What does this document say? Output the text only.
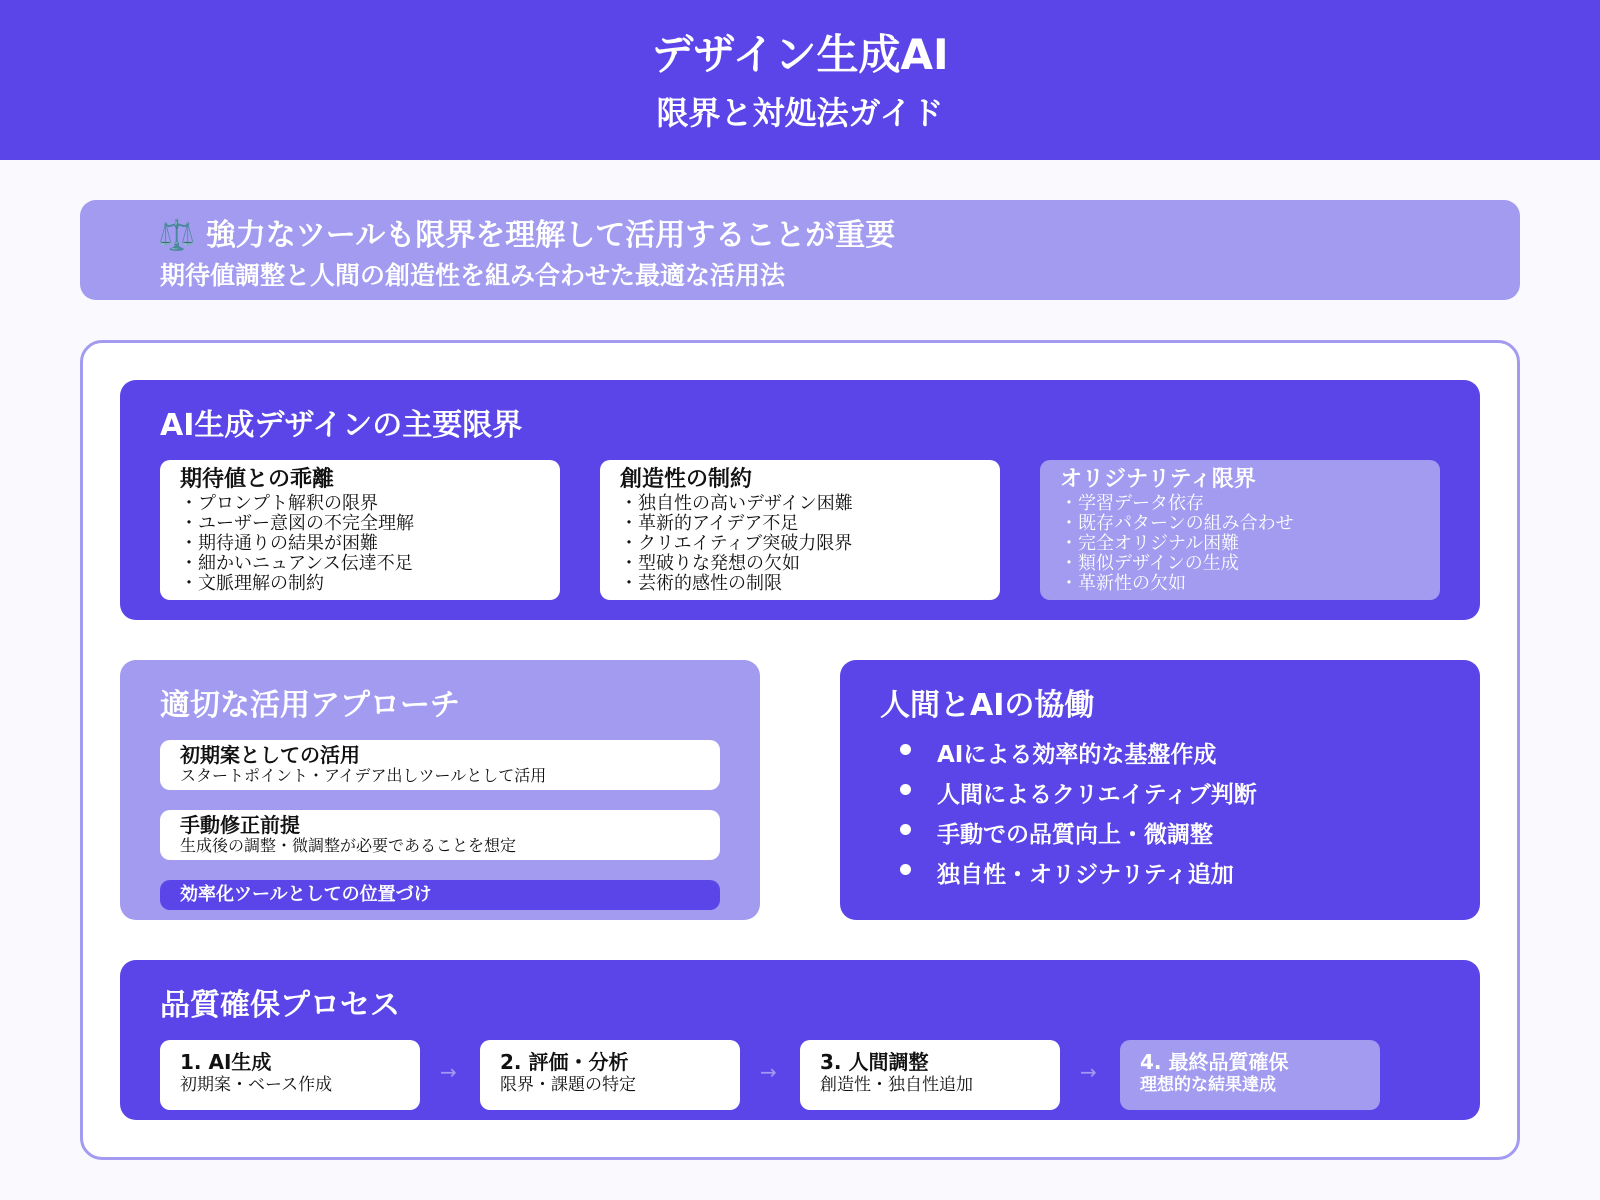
デザイン生成AI
限界と対処法ガイド
⚖️ 強力なツールも限界を理解して活用することが重要
期待値調整と人間の創造性を組み合わせた最適な活用法
AI生成デザインの主要限界
期待値との乖離
・プロンプト解釈の限界
・ユーザー意図の不完全理解
・期待通りの結果が困難
・細かいニュアンス伝達不足
・文脈理解の制約
創造性の制約
・独自性の高いデザイン困難
・革新的アイデア不足
・クリエイティブ突破力限界
・型破りな発想の欠如
・芸術的感性の制限
オリジナリティ限界
・学習データ依存
・既存パターンの組み合わせ
・完全オリジナル困難
・類似デザインの生成
・革新性の欠如
適切な活用アプローチ
初期案としての活用
スタートポイント・アイデア出しツールとして活用
手動修正前提
生成後の調整・微調整が必要であることを想定
効率化ツールとしての位置づけ
人間とAIの協働
AIによる効率的な基盤作成
人間によるクリエイティブ判断
手動での品質向上・微調整
独自性・オリジナリティ追加
品質確保プロセス
1. AI生成
初期案・ベース作成
→ 2. 評価・分析
限界・課題の特定
→ 3. 人間調整
創造性・独自性追加
→ 4. 最終品質確保
理想的な結果達成
